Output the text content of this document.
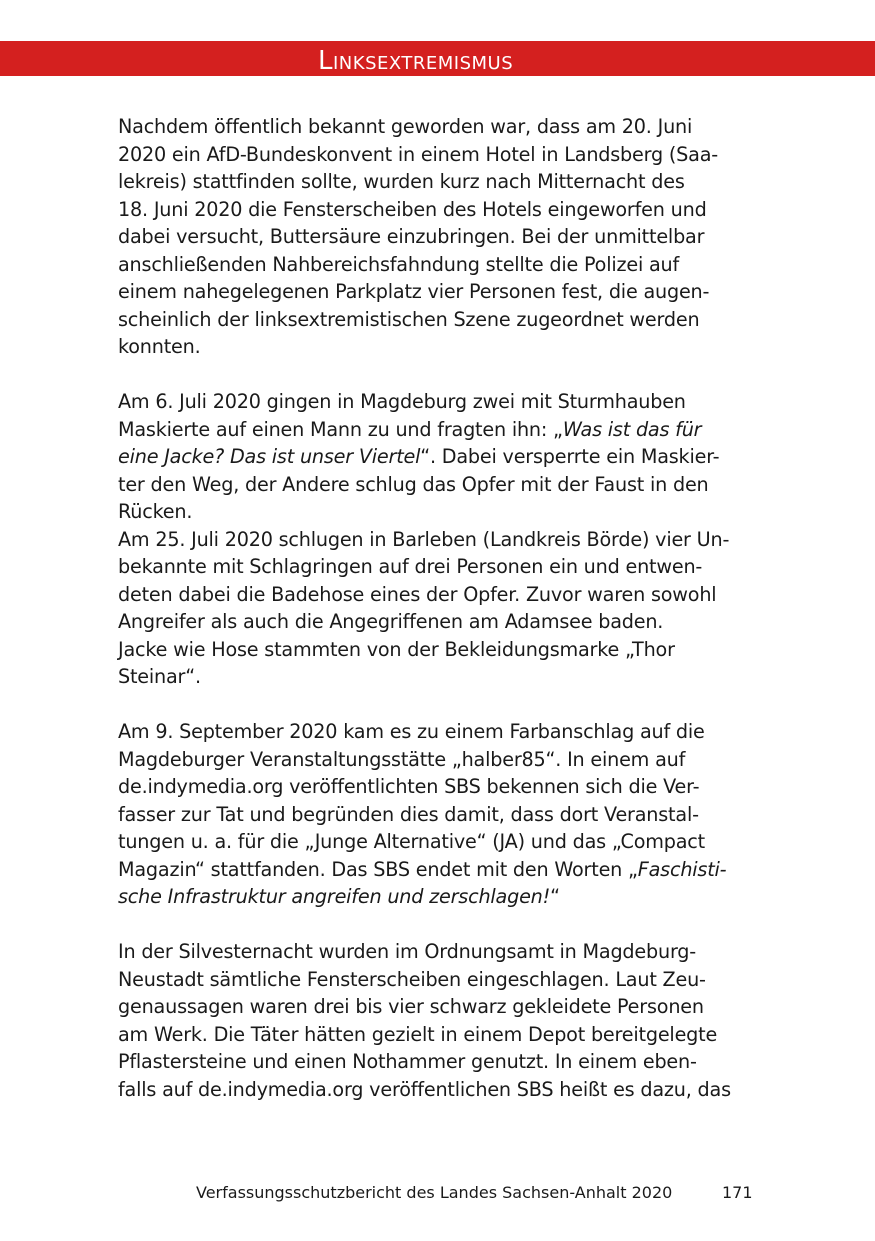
Linksextremismus
Nachdem öffentlich bekannt geworden war, dass am 20. Juni
2020 ein AfD-Bundeskonvent in einem Hotel in Landsberg (Saa-
lekreis) stattfinden sollte, wurden kurz nach Mitternacht des
18. Juni 2020 die Fensterscheiben des Hotels eingeworfen und
dabei versucht, Buttersäure einzubringen. Bei der unmittelbar
anschließenden Nahbereichsfahndung stellte die Polizei auf
einem nahegelegenen Parkplatz vier Personen fest, die augen-
scheinlich der linksextremistischen Szene zugeordnet werden
konnten.
Am 6. Juli 2020 gingen in Magdeburg zwei mit Sturmhauben
Maskierte auf einen Mann zu und fragten ihn: „Was ist das für
eine Jacke? Das ist unser Viertel“. Dabei versperrte ein Maskier-
ter den Weg, der Andere schlug das Opfer mit der Faust in den
Rücken.
Am 25. Juli 2020 schlugen in Barleben (Landkreis Börde) vier Un-
bekannte mit Schlagringen auf drei Personen ein und entwen-
deten dabei die Badehose eines der Opfer. Zuvor waren sowohl
Angreifer als auch die Angegriffenen am Adamsee baden.
Jacke wie Hose stammten von der Bekleidungsmarke „Thor
Steinar“.
Am 9. September 2020 kam es zu einem Farbanschlag auf die
Magdeburger Veranstaltungsstätte „halber85“. In einem auf
de.indymedia.org veröffentlichten SBS bekennen sich die Ver-
fasser zur Tat und begründen dies damit, dass dort Veranstal-
tungen u. a. für die „Junge Alternative“ (JA) und das „Compact
Magazin“ stattfanden. Das SBS endet mit den Worten „Faschisti-
sche Infrastruktur angreifen und zerschlagen!“
In der Silvesternacht wurden im Ordnungsamt in Magdeburg-
Neustadt sämtliche Fensterscheiben eingeschlagen. Laut Zeu-
genaussagen waren drei bis vier schwarz gekleidete Personen
am Werk. Die Täter hätten gezielt in einem Depot bereitgelegte
Pflastersteine und einen Nothammer genutzt. In einem eben-
falls auf de.indymedia.org veröffentlichen SBS heißt es dazu, das
Verfassungsschutzbericht des Landes Sachsen-Anhalt 2020	171
